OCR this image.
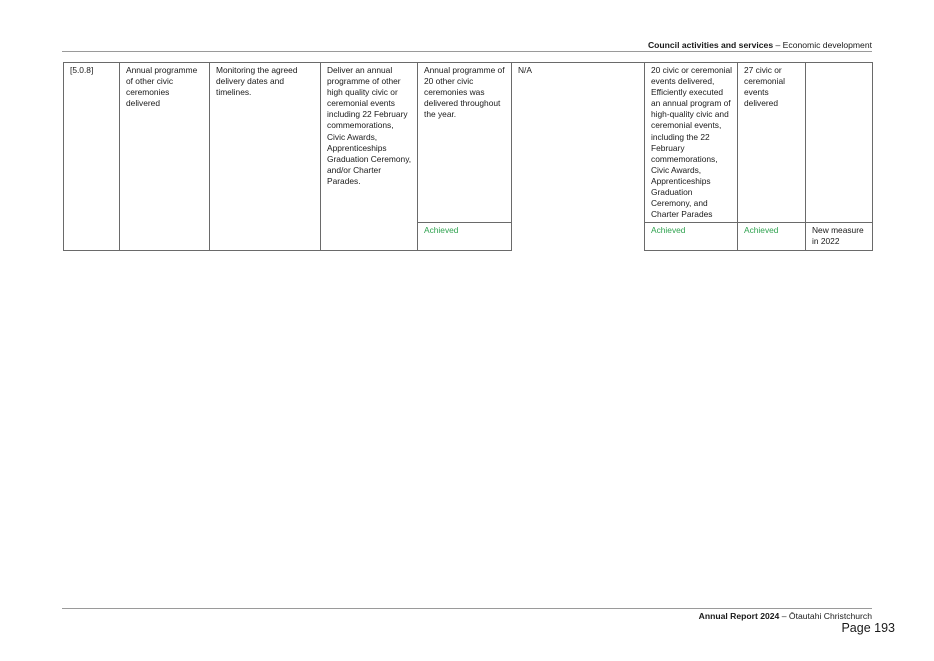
Council activities and services – Economic development
[5.0.8]	Annual programme of other civic ceremonies delivered	Monitoring the agreed delivery dates and timelines.	Deliver an annual programme of other high quality civic or ceremonial events including 22 February commemorations, Civic Awards, Apprenticeships Graduation Ceremony, and/or Charter Parades.	Annual programme of 20 other civic ceremonies was delivered throughout the year.	N/A	20 civic or ceremonial events delivered, Efficiently executed an annual program of high-quality civic and ceremonial events, including the 22 February commemorations, Civic Awards, Apprenticeships Graduation Ceremony, and Charter Parades	27 civic or ceremonial events delivered	
				Achieved		Achieved	Achieved	New measure in 2022
Annual Report 2024 – Ōtautahi Christchurch
Page 193
